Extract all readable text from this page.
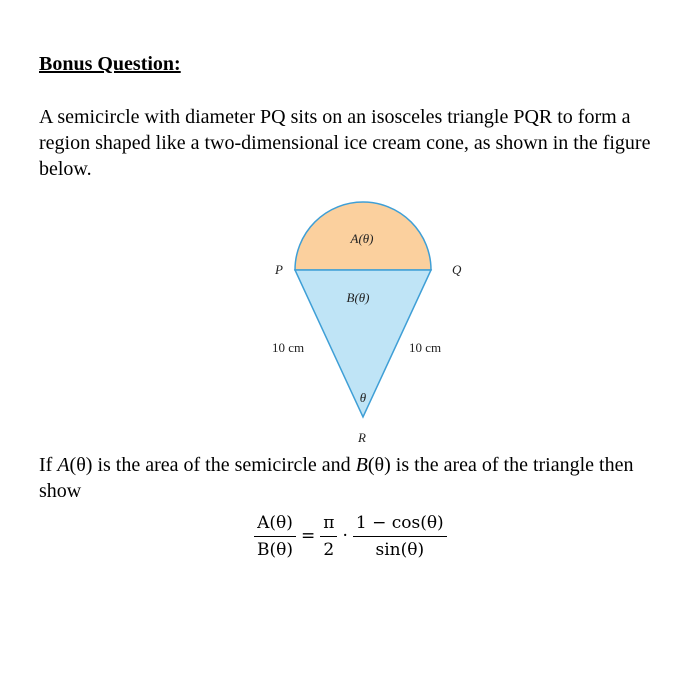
Bonus Question:

A semicircle with diameter PQ sits on an isosceles triangle PQR to form a region shaped like a two-dimensional ice cream cone, as shown in the figure below.

A(θ)
B(θ)
P	Q
R
θ
10 cm	10 cm

If A(θ) is the area of the semicircle and B(θ) is the area of the triangle then show

$\frac{A(\theta)}{B(\theta)} = \frac{\pi}{2} \cdot \frac{1 - \cos(\theta)}{\sin(\theta)}$
